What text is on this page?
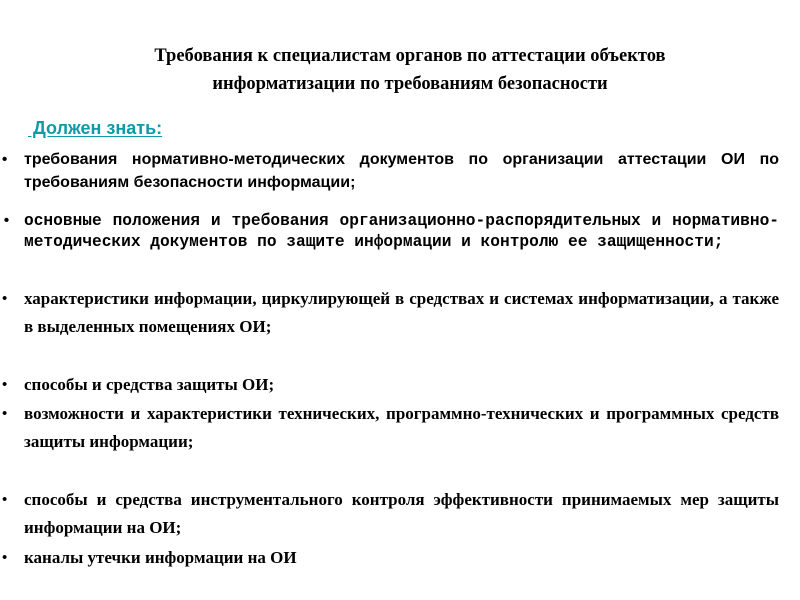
Требования к специалистам органов по аттестации объектов
информатизации по требованиям безопасности
Должен знать:
•	требования нормативно-методических документов по организации аттестации ОИ по требованиям безопасности информации;
• основные положения и требования организационно-распорядительных и нормативно-методических документов по защите информации и контролю ее защищенности;
• характеристики информации, циркулирующей в средствах и системах информатизации, а также в выделенных помещениях ОИ;
• способы и средства защиты ОИ;
• возможности и характеристики технических, программно-технических и программных средств защиты информации;
• способы и средства инструментального контроля эффективности принимаемых мер защиты информации на ОИ;
• каналы утечки информации на ОИ
